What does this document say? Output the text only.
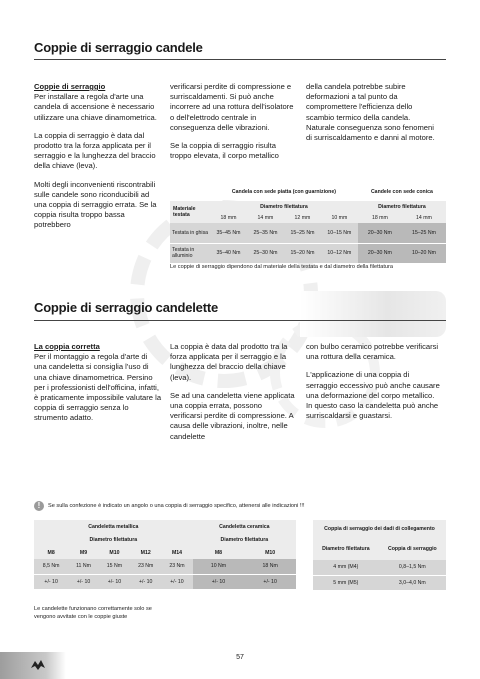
Coppie di serraggio candele
Coppie di serraggio

Per installare a regola d'arte una candela di accensione è necessario utilizzare una chiave dinamometrica.

La coppia di serraggio è data dal prodotto tra la forza applicata per il serraggio e la lunghezza del braccio della chiave (leva).

Molti degli inconvenienti riscontrabili sulle candele sono riconducibili ad una coppia di serraggio errata. Se la coppia risulta troppo bassa potrebbero

verificarsi perdite di compressione e surriscaldamenti. Si può anche incorrere ad una rottura dell'isolatore o dell'elettrodo centrale in conseguenza delle vibrazioni.

Se la coppia di serraggio risulta troppo elevata, il corpo metallico

della candela potrebbe subire deformazioni a tal punto da compromettere l'efficienza dello scambio termico della candela. Naturale conseguenza sono fenomeni di surriscaldamento e danni al motore.

	Candela con sede piatta (con guarnizione)				Candele con sede conica	
Materiale testata	Diametro filettatura				Diametro filettatura	
	18 mm	14 mm	12 mm	10 mm	18 mm	14 mm
Testata in ghisa	35–45 Nm	25–35 Nm	15–25 Nm	10–15 Nm	20–30 Nm	15–25 Nm
Testata in alluminio	35–40 Nm	25–30 Nm	15–20 Nm	10–12 Nm	20–30 Nm	10–20 Nm
Le coppie di serraggio dipendono dal materiale della testata e dal diametro della filettatura
Coppie di serraggio candelette
La coppia corretta

Per il montaggio a regola d'arte di una candeletta si consiglia l'uso di una chiave dinamometrica. Persino per i professionisti dell'officina, infatti, è praticamente impossibile valutare la coppia di serraggio senza lo strumento adatto.

La coppia è data dal prodotto tra la forza applicata per il serraggio e la lunghezza del braccio della chiave (leva).

Se ad una candeletta viene applicata una coppia errata, possono verificarsi perdite di compressione. A causa delle vibrazioni, inoltre, nelle candelette

con bulbo ceramico potrebbe verificarsi una rottura della ceramica.

L'applicazione di una coppia di serraggio eccessivo può anche causare una deformazione del corpo metallico. In questo caso la candeletta può anche surriscaldarsi e guastarsi.

!	Se sulla confezione è indicato un angolo o una coppia di serraggio specifico, attenersi alle indicazioni !!!
Candeletta metallica					Candeletta ceramica	
Diametro filettatura					Diametro filettatura	
M8	M9	M10	M12	M14	M8	M10
8,5 Nm	11 Nm	15 Nm	23 Nm	23 Nm	10 Nm	18 Nm
+/- 10	+/- 10	+/- 10	+/- 10	+/- 10	+/- 10	+/- 10
Coppia di serraggio dei dadi di collegamento	
Diametro filettatura	Coppia di serraggio
4 mm (M4)	0,8–1,5 Nm
5 mm (M5)	3,0–4,0 Nm
Le candelette funzionano correttamente solo se vengono avvitate con le coppie giuste
57
